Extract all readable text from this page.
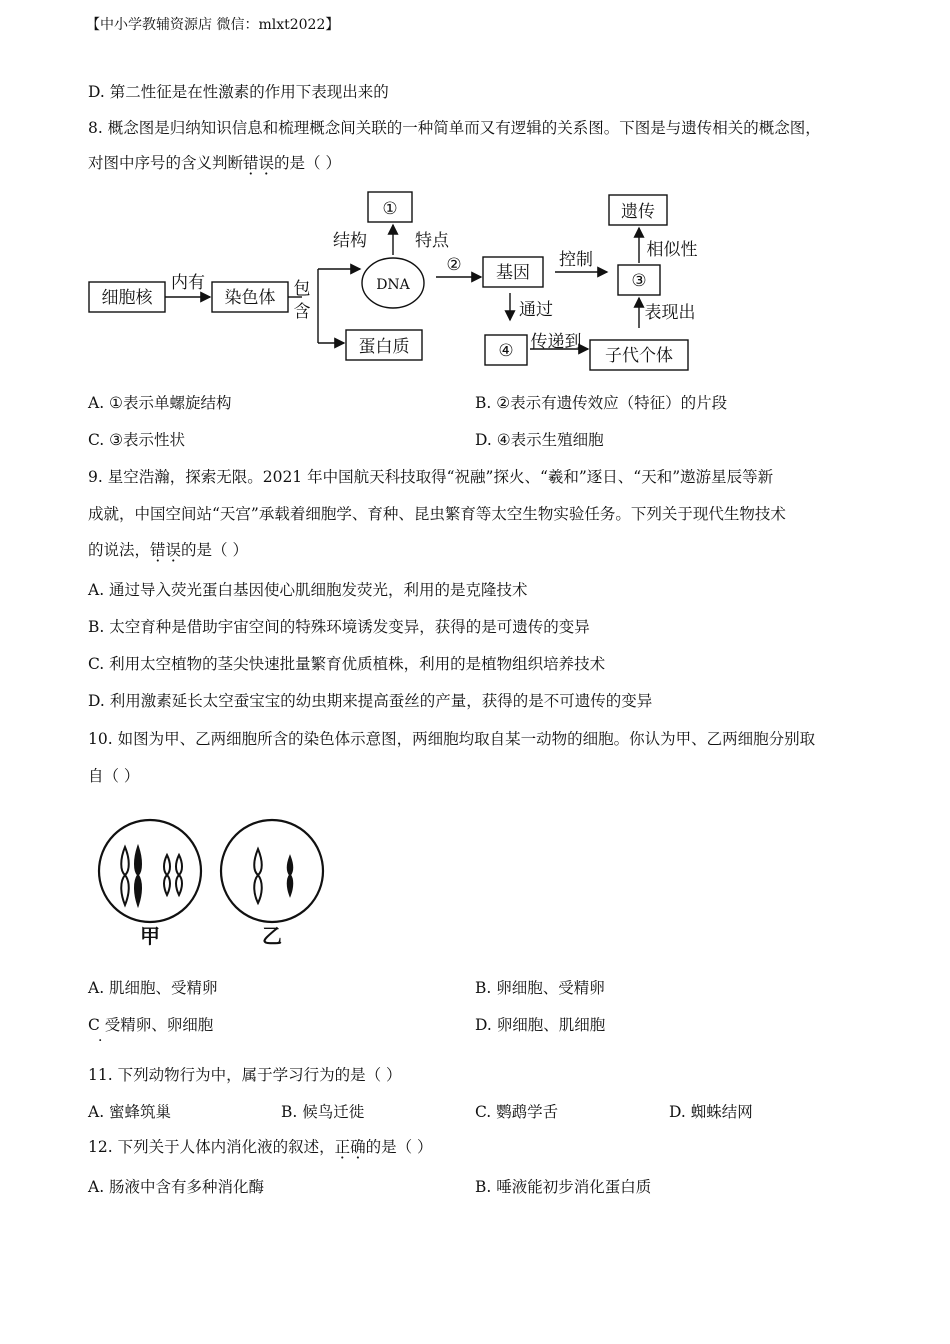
【中小学教辅资源店 微信：mlxt2022】
D. 第二性征是在性激素的作用下表现出来的
8. 概念图是归纳知识信息和梳理概念间关联的一种简单而又有逻辑的关系图。下图是与遗传相关的概念图，
对图中序号的含义判断错误的是（ ）
细胞核
内有
染色体 包
含
DNA
①
结构	特点
蛋白质
② 基因
控制
③
相似性
遗传
通过
④ 传递到
子代个体
表现出
A. ①表示单螺旋结构	B. ②表示有遗传效应（特征）的片段
C. ③表示性状	D. ④表示生殖细胞
9. 星空浩瀚，探索无限。2021 年中国航天科技取得“祝融”探火、“羲和”逐日、“天和”遨游星辰等新
成就，中国空间站“天宫”承载着细胞学、育种、昆虫繁育等太空生物实验任务。下列关于现代生物技术
的说法，错误的是（ ）
A. 通过导入荧光蛋白基因使心肌细胞发荧光，利用的是克隆技术
B. 太空育种是借助宇宙空间的特殊环境诱发变异，获得的是可遗传的变异
C. 利用太空植物的茎尖快速批量繁育优质植株，利用的是植物组织培养技术
D. 利用激素延长太空蚕宝宝的幼虫期来提高蚕丝的产量，获得的是不可遗传的变异
10. 如图为甲、乙两细胞所含的染色体示意图，两细胞均取自某一动物的细胞。你认为甲、乙两细胞分别取
自（ ）
甲	乙
A. 肌细胞、受精卵	B. 卵细胞、受精卵
C 受精卵、卵细胞
·
D. 卵细胞、肌细胞
11. 下列动物行为中，属于学习行为的是（ ）
A. 蜜蜂筑巢	B. 候鸟迁徙	C. 鹦鹉学舌	D. 蜘蛛结网
12. 下列关于人体内消化液的叙述，正确的是（ ）
A. 肠液中含有多种消化酶	B. 唾液能初步消化蛋白质
